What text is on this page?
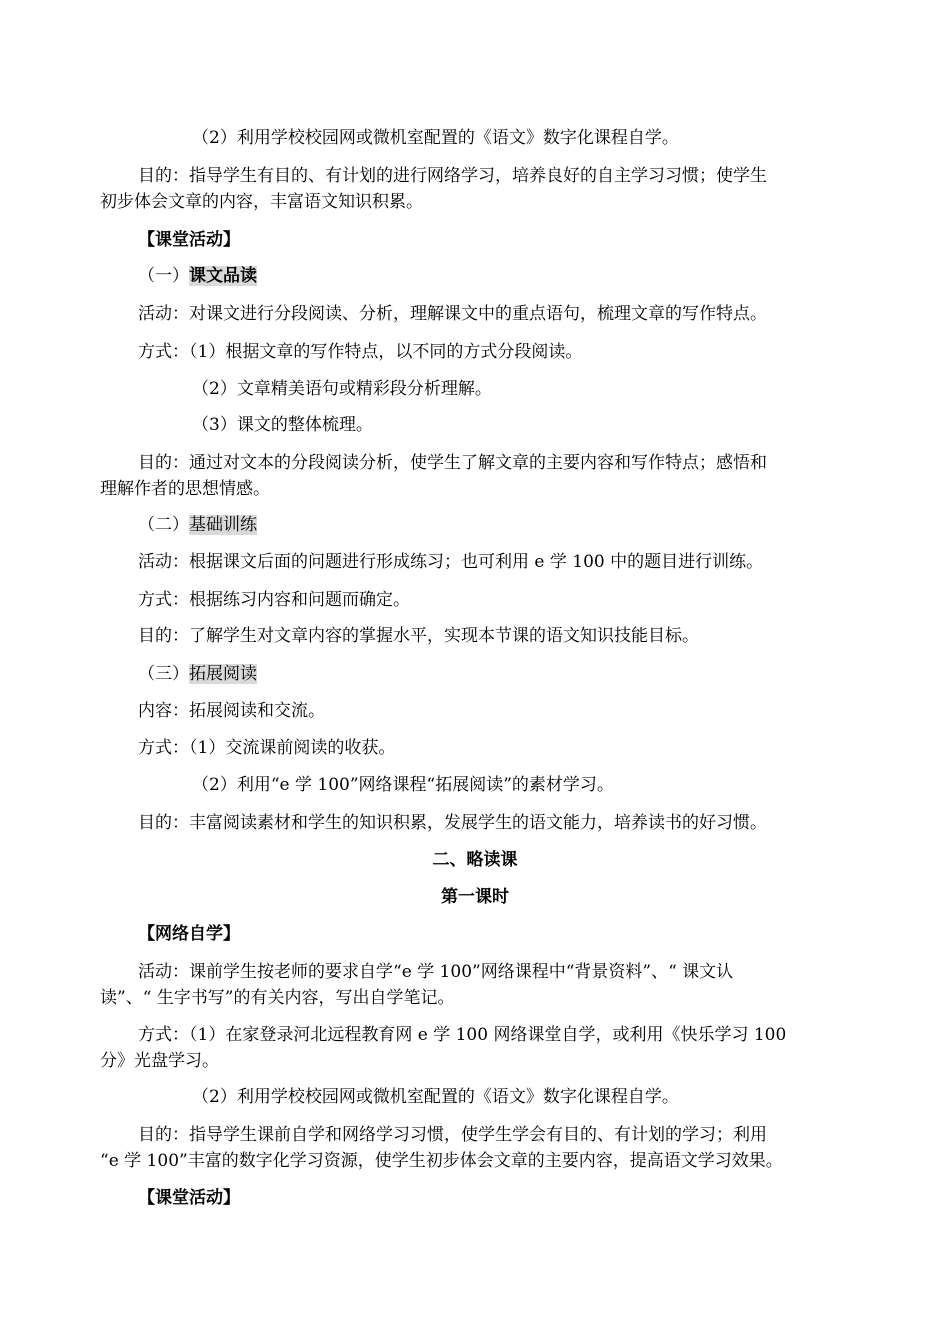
（2）利用学校校园网或微机室配置的《语文》数字化课程自学。
目的：指导学生有目的、有计划的进行网络学习，培养良好的自主学习习惯；使学生
初步体会文章的内容，丰富语文知识积累。
【课堂活动】
（一）课文品读
活动：对课文进行分段阅读、分析，理解课文中的重点语句，梳理文章的写作特点。
方式：（1）根据文章的写作特点，以不同的方式分段阅读。
（2）文章精美语句或精彩段分析理解。
（3）课文的整体梳理。
目的：通过对文本的分段阅读分析，使学生了解文章的主要内容和写作特点；感悟和
理解作者的思想情感。
（二）基础训练
活动：根据课文后面的问题进行形成练习；也可利用 e 学 100 中的题目进行训练。
方式：根据练习内容和问题而确定。
目的：了解学生对文章内容的掌握水平，实现本节课的语文知识技能目标。
（三）拓展阅读
内容：拓展阅读和交流。
方式：（1）交流课前阅读的收获。
（2）利用“e 学 100”网络课程“拓展阅读”的素材学习。
目的：丰富阅读素材和学生的知识积累，发展学生的语文能力，培养读书的好习惯。
二、略读课
第一课时
【网络自学】
活动：课前学生按老师的要求自学“e 学 100”网络课程中“背景资料”、“ 课文认
读”、“ 生字书写”的有关内容，写出自学笔记。
方式：（1）在家登录河北远程教育网 e 学 100 网络课堂自学，或利用《快乐学习 100
分》光盘学习。
（2）利用学校校园网或微机室配置的《语文》数字化课程自学。
目的：指导学生课前自学和网络学习习惯，使学生学会有目的、有计划的学习；利用
“e 学 100”丰富的数字化学习资源，使学生初步体会文章的主要内容，提高语文学习效果。
【课堂活动】
